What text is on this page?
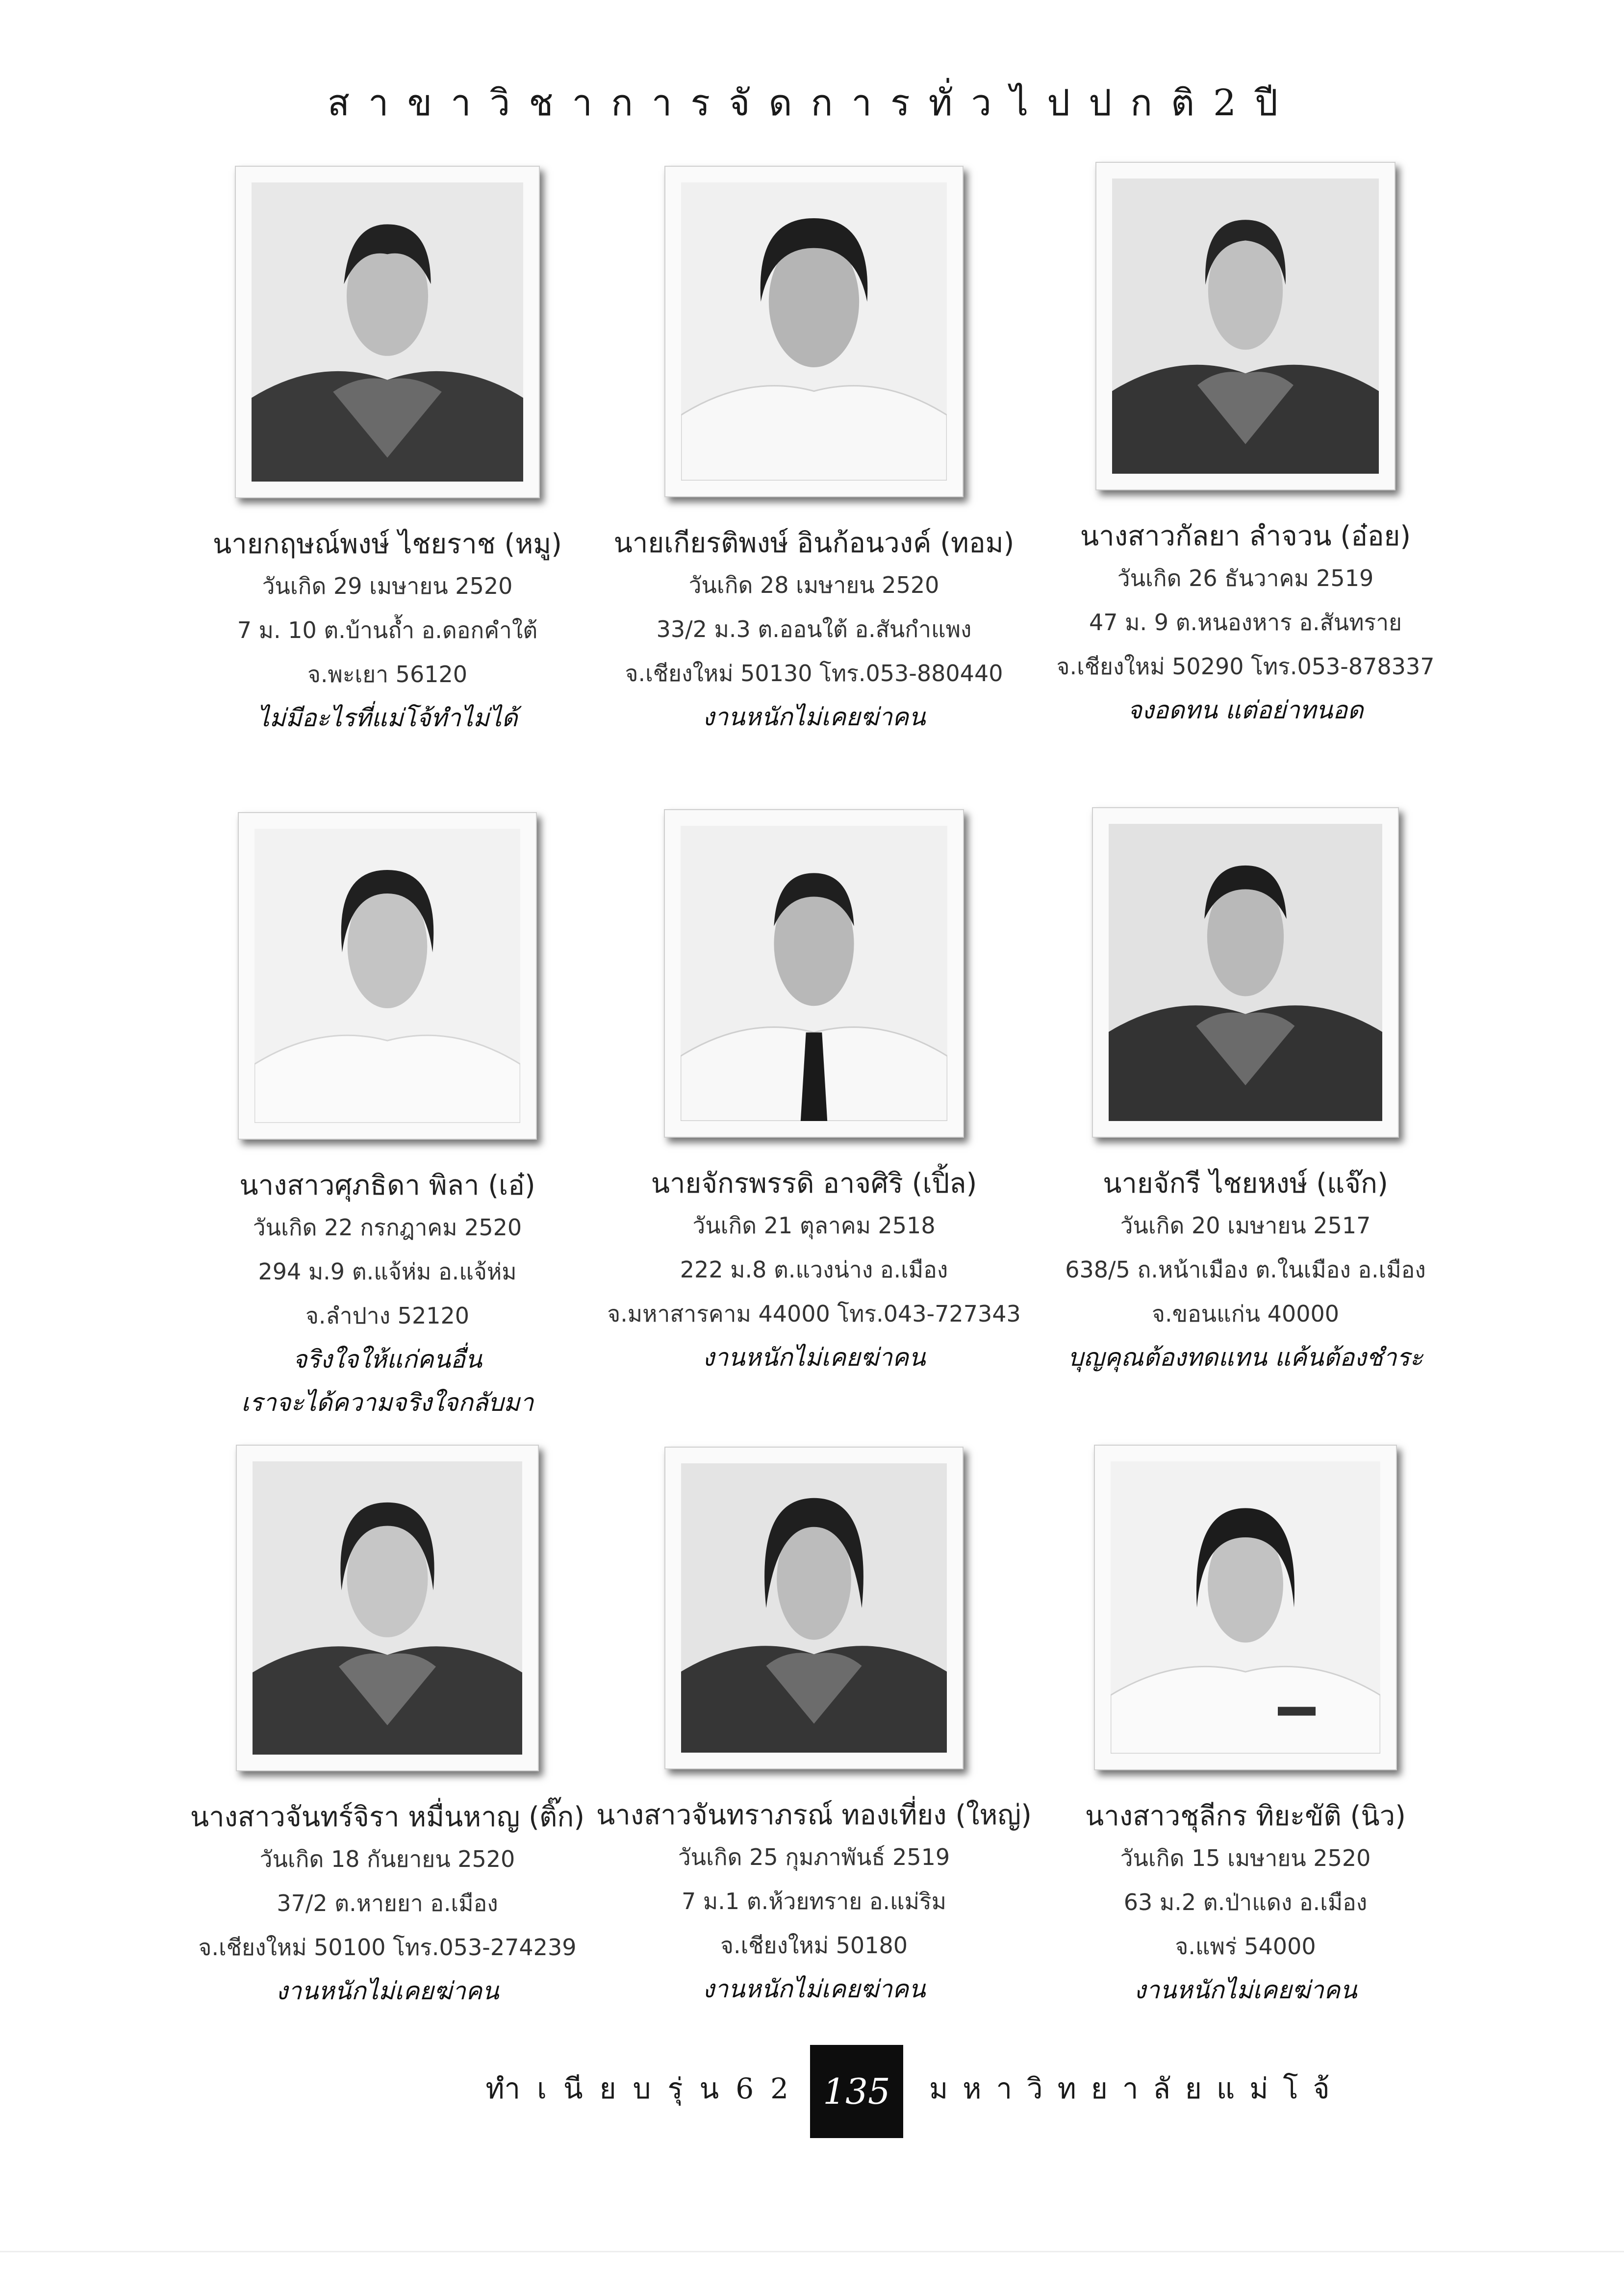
สาขาวิชาการจัดการทั่วไปปกติ2ปี
นายกฤษณ์พงษ์ ไชยราช (หมู)
วันเกิด 29 เมษายน 2520
7 ม. 10 ต.บ้านถ้ำ อ.ดอกคำใต้
จ.พะเยา 56120
ไม่มีอะไรที่แม่โจ้ทำไม่ได้
นายเกียรติพงษ์ อินก้อนวงค์ (ทอม)
วันเกิด 28 เมษายน 2520
33/2 ม.3 ต.ออนใต้ อ.สันกำแพง
จ.เชียงใหม่ 50130 โทร.053-880440
งานหนักไม่เคยฆ่าคน
นางสาวกัลยา ลำจวน (อ๋อย)
วันเกิด 26 ธันวาคม 2519
47 ม. 9 ต.หนองหาร อ.สันทราย
จ.เชียงใหม่ 50290 โทร.053-878337
จงอดทน แต่อย่าทนอด
นางสาวศุภธิดา พิลา (เอ๋)
วันเกิด 22 กรกฎาคม 2520
294 ม.9 ต.แจ้ห่ม อ.แจ้ห่ม
จ.ลำปาง 52120
จริงใจให้แก่คนอื่น
เราจะได้ความจริงใจกลับมา
นายจักรพรรดิ อาจศิริ (เปิ้ล)
วันเกิด 21 ตุลาคม 2518
222 ม.8 ต.แวงน่าง อ.เมือง
จ.มหาสารคาม 44000 โทร.043-727343
งานหนักไม่เคยฆ่าคน
นายจักรี ไชยหงษ์ (แจ๊ก)
วันเกิด 20 เมษายน 2517
638/5 ถ.หน้าเมือง ต.ในเมือง อ.เมือง
จ.ขอนแก่น 40000
บุญคุณต้องทดแทน แค้นต้องชำระ
นางสาวจันทร์จิรา หมื่นหาญ (ติ๊ก)
วันเกิด 18 กันยายน 2520
37/2 ต.หายยา อ.เมือง
จ.เชียงใหม่ 50100 โทร.053-274239
งานหนักไม่เคยฆ่าคน
นางสาวจันทราภรณ์ ทองเที่ยง (ใหญ่)
วันเกิด 25 กุมภาพันธ์ 2519
7 ม.1 ต.ห้วยทราย อ.แม่ริม
จ.เชียงใหม่ 50180
งานหนักไม่เคยฆ่าคน
นางสาวชุลีกร ทิยะขัติ (นิว)
วันเกิด 15 เมษายน 2520
63 ม.2 ต.ป่าแดง อ.เมือง
จ.แพร่ 54000
งานหนักไม่เคยฆ่าคน
ทำเนียบรุ่น62 135	มหาวิทยาลัยแม่โจ้
